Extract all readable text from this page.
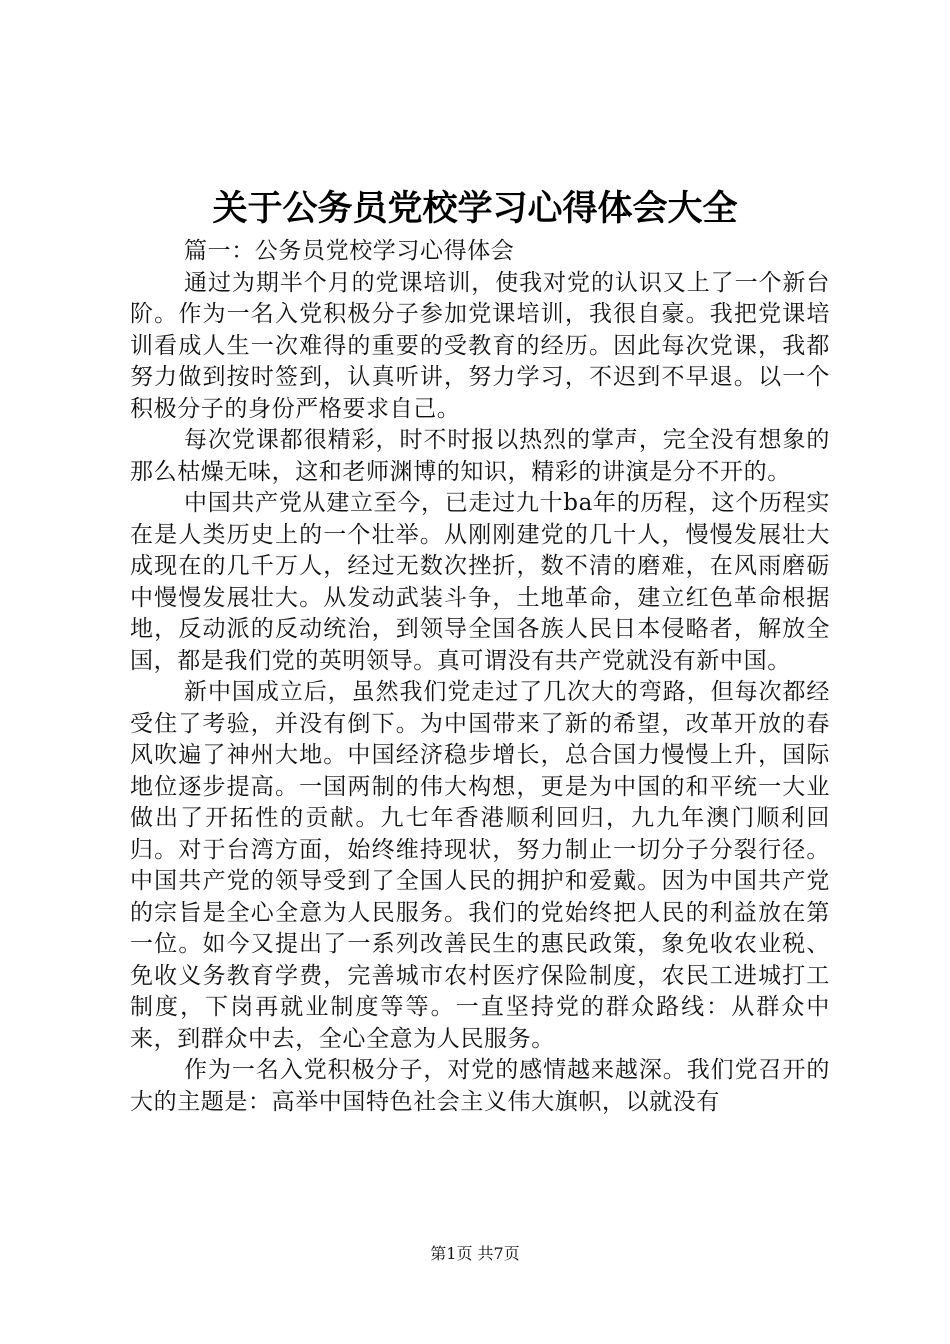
关于公务员党校学习心得体会大全

篇一：公务员党校学习心得体会

通过为期半个月的党课培训，使我对党的认识又上了一个新台阶。作为一名入党积极分子参加党课培训，我很自豪。我把党课培训看成人生一次难得的重要的受教育的经历。因此每次党课，我都努力做到按时签到，认真听讲，努力学习，不迟到不早退。以一个积极分子的身份严格要求自己。

每次党课都很精彩，时不时报以热烈的掌声，完全没有想象的那么枯燥无味，这和老师渊博的知识，精彩的讲演是分不开的。

中国共产党从建立至今，已走过九十ba年的历程，这个历程实在是人类历史上的一个壮举。从刚刚建党的几十人，慢慢发展壮大成现在的几千万人，经过无数次挫折，数不清的磨难，在风雨磨砺中慢慢发展壮大。从发动武装斗争，土地革命，建立红色革命根据地，反动派的反动统治，到领导全国各族人民日本侵略者，解放全国，都是我们党的英明领导。真可谓没有共产党就没有新中国。

新中国成立后，虽然我们党走过了几次大的弯路，但每次都经受住了考验，并没有倒下。为中国带来了新的希望，改革开放的春风吹遍了神州大地。中国经济稳步增长，总合国力慢慢上升，国际地位逐步提高。一国两制的伟大构想，更是为中国的和平统一大业做出了开拓性的贡献。九七年香港顺利回归，九九年澳门顺利回归。对于台湾方面，始终维持现状，努力制止一切分子分裂行径。中国共产党的领导受到了全国人民的拥护和爱戴。因为中国共产党的宗旨是全心全意为人民服务。我们的党始终把人民的利益放在第一位。如今又提出了一系列改善民生的惠民政策，象免收农业税、免收义务教育学费，完善城市农村医疗保险制度，农民工进城打工制度，下岗再就业制度等等。一直坚持党的群众路线：从群众中来，到群众中去，全心全意为人民服务。

作为一名入党积极分子，对党的感情越来越深。我们党召开的大的主题是：高举中国特色社会主义伟大旗帜，以就没有

第1页 共7页
